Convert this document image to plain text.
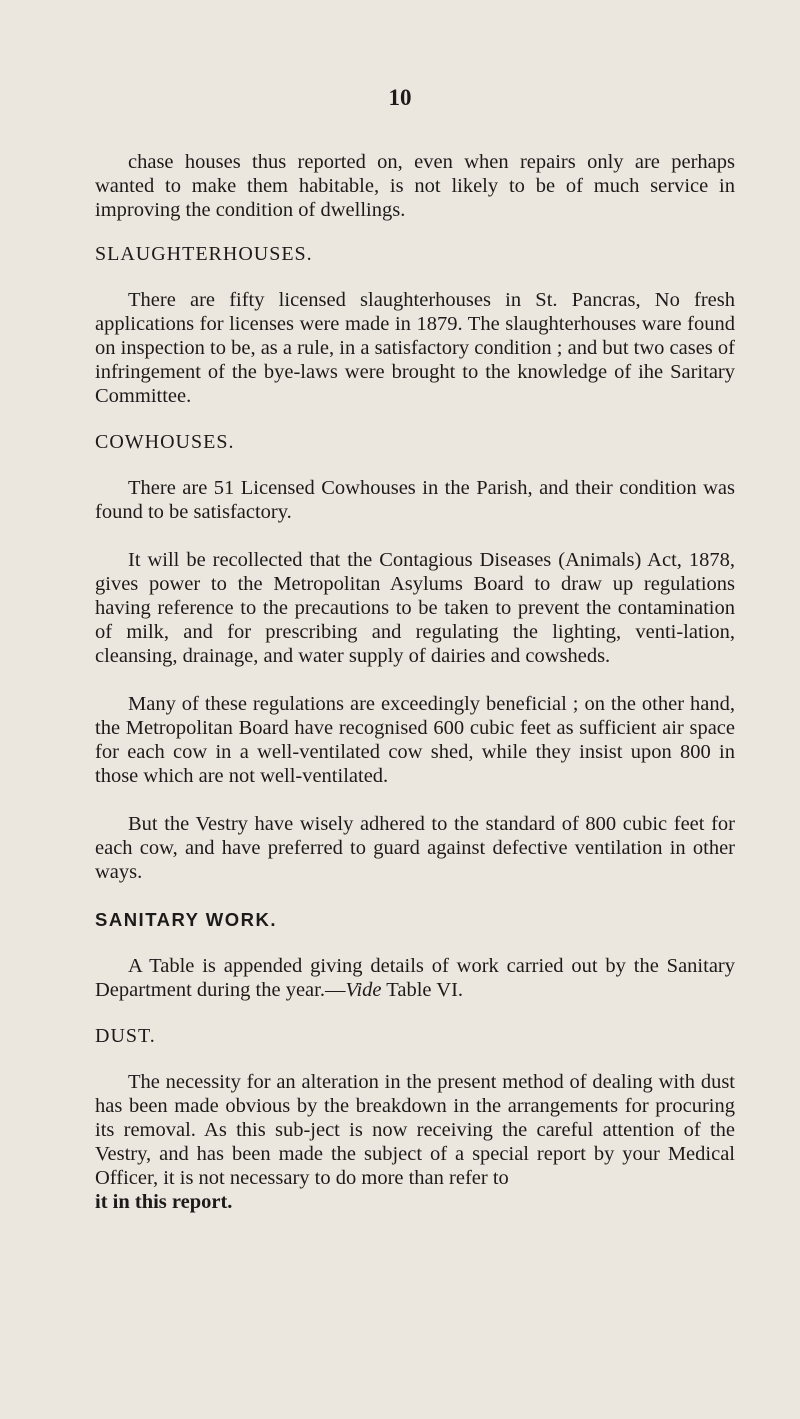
10

chase houses thus reported on, even when repairs only are perhaps wanted to make them habitable, is not likely to be of much service in improving the condition of dwellings.

SLAUGHTERHOUSES.

There are fifty licensed slaughterhouses in St. Pancras, No fresh applications for licenses were made in 1879. The slaughterhouses ware found on inspection to be, as a rule, in a satisfactory condition ; and but two cases of infringement of the bye-laws were brought to the knowledge of ihe Saritary Committee.

COWHOUSES.

There are 51 Licensed Cowhouses in the Parish, and their condition was found to be satisfactory.

It will be recollected that the Contagious Diseases (Animals) Act, 1878, gives power to the Metropolitan Asylums Board to draw up regulations having reference to the precautions to be taken to prevent the contamination of milk, and for prescribing and regulating the lighting, venti-lation, cleansing, drainage, and water supply of dairies and cowsheds.

Many of these regulations are exceedingly beneficial ; on the other hand, the Metropolitan Board have recognised 600 cubic feet as sufficient air space for each cow in a well-ventilated cow shed, while they insist upon 800 in those which are not well-ventilated.

But the Vestry have wisely adhered to the standard of 800 cubic feet for each cow, and have preferred to guard against defective ventilation in other ways.

SANITARY WORK.

A Table is appended giving details of work carried out by the Sanitary Department during the year.—Vide Table VI.

DUST.

The necessity for an alteration in the present method of dealing with dust has been made obvious by the breakdown in the arrangements for procuring its removal. As this sub-ject is now receiving the careful attention of the Vestry, and has been made the subject of a special report by your Medical Officer, it is not necessary to do more than refer to

it in this report.
